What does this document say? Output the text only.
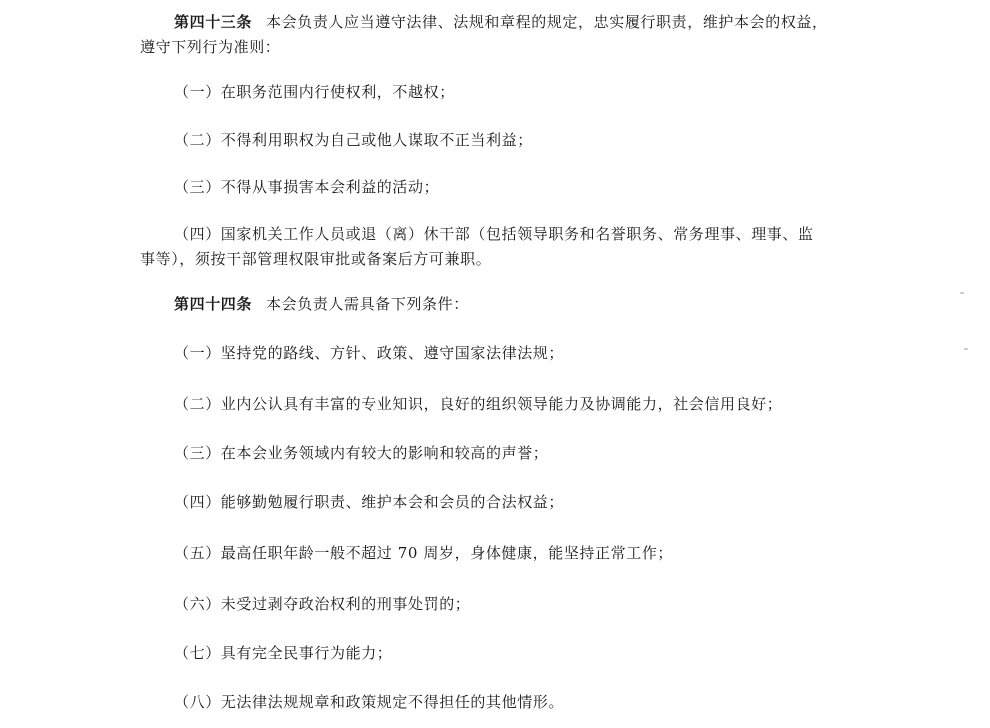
第四十三条 本会负责人应当遵守法律、法规和章程的规定，忠实履行职责，维护本会的权益，
遵守下列行为准则：
（一）在职务范围内行使权利，不越权；
（二）不得利用职权为自己或他人谋取不正当利益；
（三）不得从事损害本会利益的活动；
（四）国家机关工作人员或退（离）休干部（包括领导职务和名誉职务、常务理事、理事、监
事等），须按干部管理权限审批或备案后方可兼职。
第四十四条 本会负责人需具备下列条件：
（一）坚持党的路线、方针、政策、遵守国家法律法规；
（二）业内公认具有丰富的专业知识，良好的组织领导能力及协调能力，社会信用良好；
（三）在本会业务领域内有较大的影响和较高的声誉；
（四）能够勤勉履行职责、维护本会和会员的合法权益；
（五）最高任职年龄一般不超过 70 周岁，身体健康，能坚持正常工作；
（六）未受过剥夺政治权利的刑事处罚的；
（七）具有完全民事行为能力；
（八）无法律法规规章和政策规定不得担任的其他情形。
